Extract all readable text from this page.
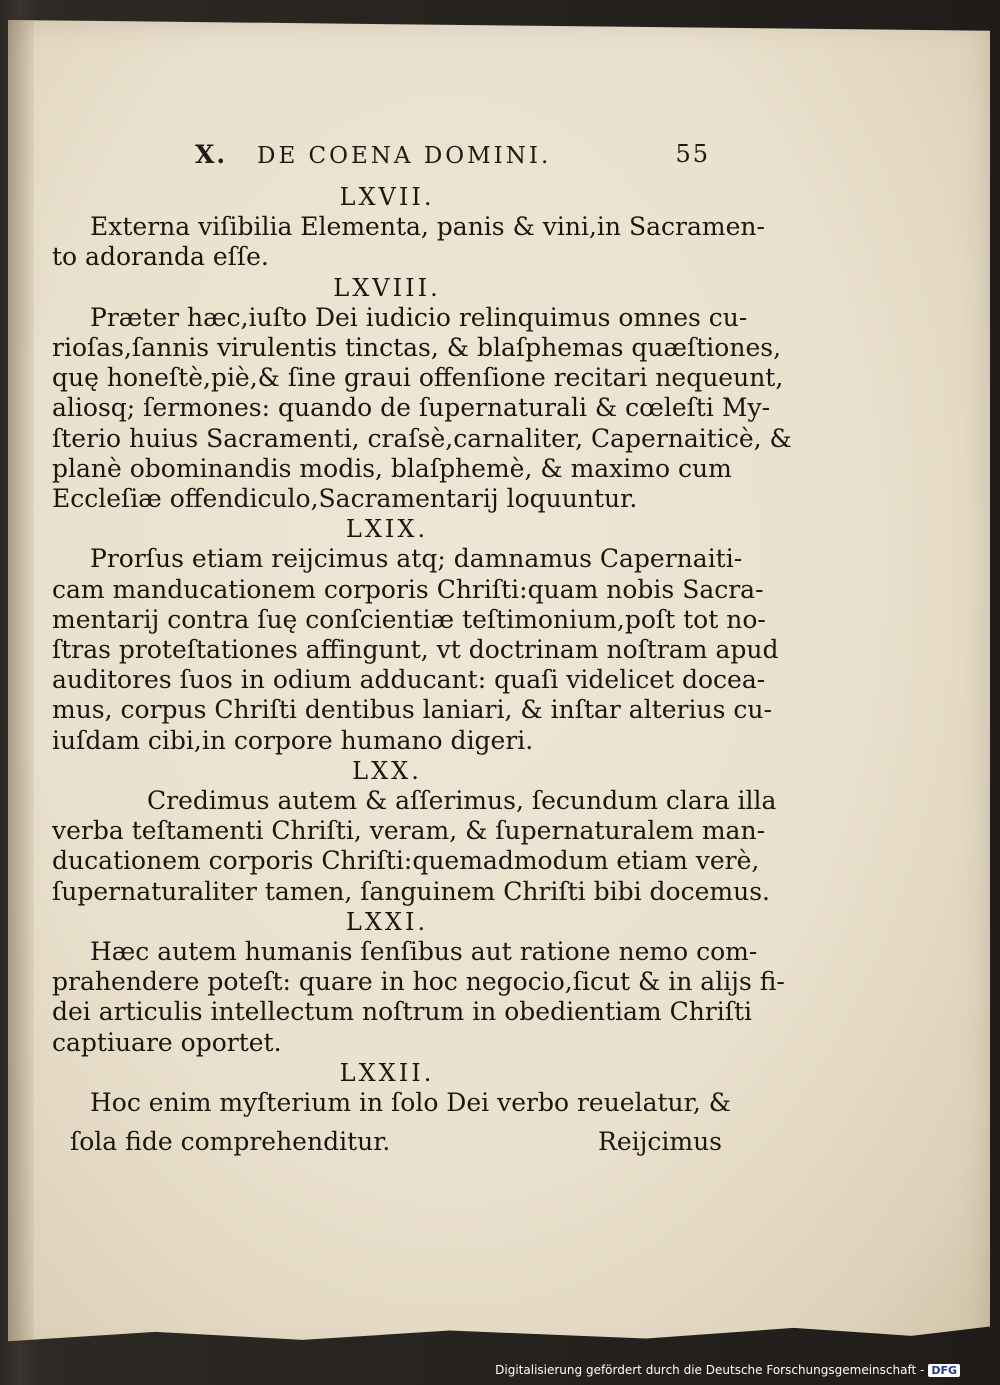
X. DE COENA DOMINI.	55
LXVII.
Externa viſibilia Elementa, panis & vini,in Sacramen-
to adoranda eſſe.
LXVIII.
Præter hæc,iuſto Dei iudicio relinquimus omnes cu-
rioſas,ſannis virulentis tinctas, & blaſphemas quæſtiones,
quę honeſtè,piè,& ſine graui offenſione recitari nequeunt,
aliosq; ſermones: quando de ſupernaturali & cœleſti My-
ſterio huius Sacramenti, craſsè,carnaliter, Capernaiticè, &
planè obominandis modis, blaſphemè, & maximo cum
Eccleſiæ offendiculo,Sacramentarij loquuntur.
LXIX.
Prorſus etiam reijcimus atq; damnamus Capernaiti-
cam manducationem corporis Chriſti:quam nobis Sacra-
mentarij contra ſuę conſcientiæ teſtimonium,poſt tot no-
ſtras proteſtationes affingunt, vt doctrinam noſtram apud
auditores ſuos in odium adducant: quaſi videlicet doceа-
mus, corpus Chriſti dentibus laniari, & inſtar alterius cu-
iuſdam cibi,in corpore humano digeri.
LXX.
Credimus autem & aſſerimus, ſecundum clara illa
verba teſtamenti Chriſti, veram, & ſupernaturalem man-
ducationem corporis Chriſti:quemadmodum etiam verè,
ſupernaturaliter tamen, ſanguinem Chriſti bibi docemus.
LXXI.
Hæc autem humanis ſenſibus aut ratione nemo com-
prahendere poteſt: quare in hoc negocio,ſicut & in alijs fi-
dei articulis intellectum noſtrum in obedientiam Chriſti
captiuare oportet.
LXXII.
Hoc enim myſterium in ſolo Dei verbo reuelatur, &
ſola fide comprehenditur.	Reijcimus
Digitalisierung gefördert durch die Deutsche Forschungsgemeinschaft - DFG
